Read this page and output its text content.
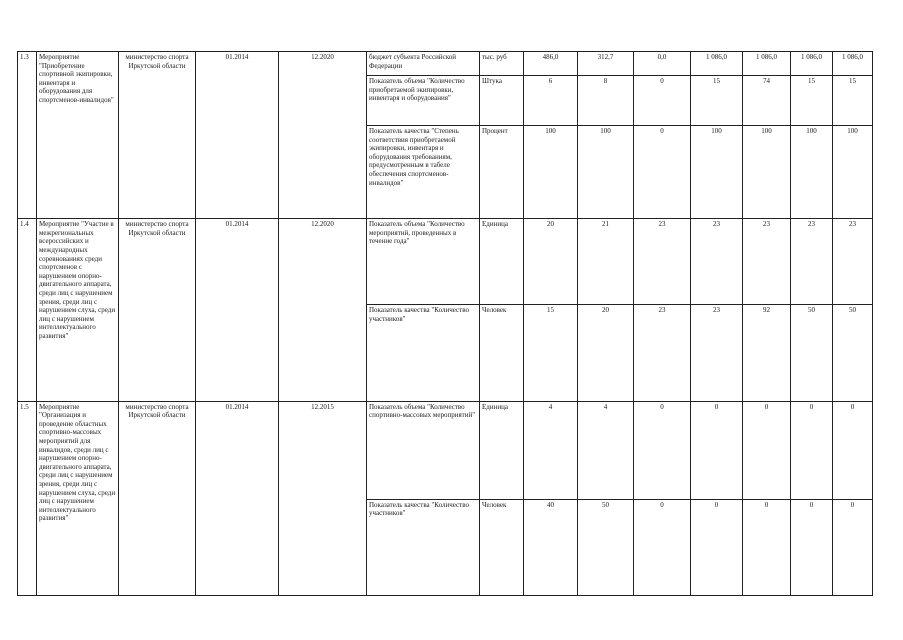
1.3	Мероприятие "Приобретение спортивной экипировки, инвентаря и оборудования для спортсменов-инвалидов"	министерство спорта Иркутской области	01.2014	12.2020	бюджет субъекта Российской Федерации	тыс. руб	486,0	312,7	0,0	1 086,0	1 086,0	1 086,0	1 086,0
					Показатель объема "Количество приобретаемой экипировки, инвентаря и оборудования"	Штука	6	8	0	15	74	15	15
					Показатель качества "Степень соответствия приобретаемой экипировки, инвентаря и оборудования требованиям, предусмотренным в табеле обеспечения спортсменов-инвалидов"	Процент	100	100	0	100	100	100	100
1.4	Мероприятие "Участие в межрегиональных всероссийских и международных соревнованиях среди спортсменов с нарушением опорно-двигательного аппарата, среди лиц с нарушением зрения, среди лиц с нарушением слуха, среди лиц с нарушением интеллектуального развития"	министерство спорта Иркутской области	01.2014	12.2020	Показатель объема "Количество мероприятий, проведенных в течение года"	Единица	20	21	23	23	23	23	23
					Показатель качества "Количество участников"	Человек	15	20	23	23	92	50	50
1.5	Мероприятие "Организация и проведение областных спортивно-массовых мероприятий для инвалидов, среди лиц с нарушением опорно-двигательного аппарата, среди лиц с нарушением зрения, среди лиц с нарушением слуха, среди лиц с нарушением интеллектуального развития"	министерство спорта Иркутской области	01.2014	12.2015	Показатель объема "Количество спортивно-массовых мероприятий"	Единица	4	4	0	0	0	0	0
					Показатель качества "Количество участников"	Человек	40	50	0	0	0	0	0
